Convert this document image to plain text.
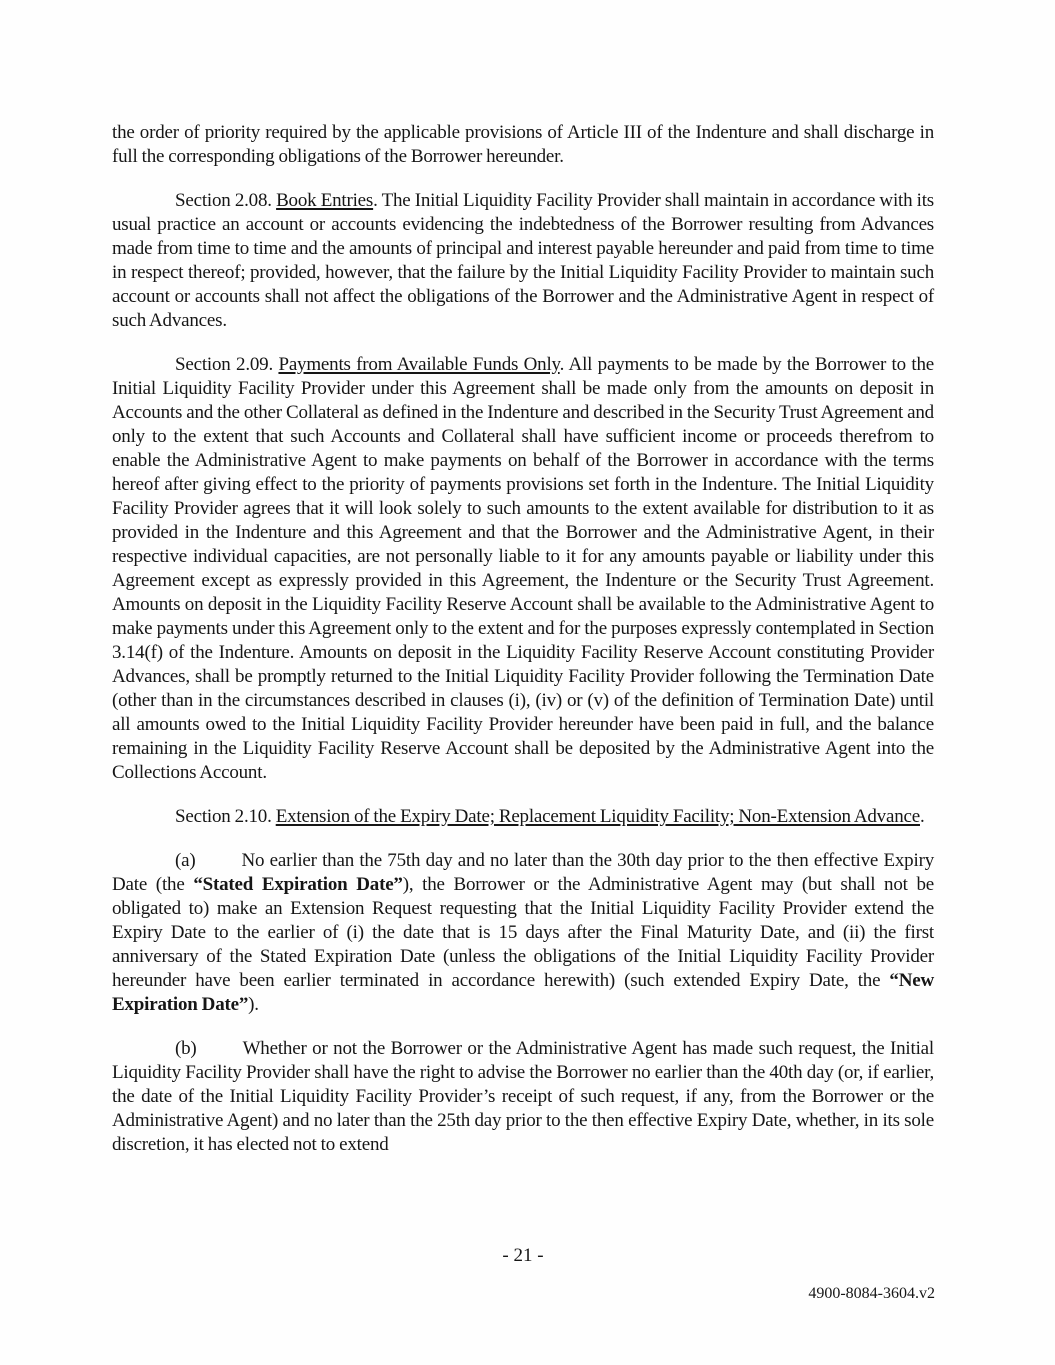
the order of priority required by the applicable provisions of Article III of the Indenture and shall discharge in full the corresponding obligations of the Borrower hereunder.

Section 2.08. Book Entries. The Initial Liquidity Facility Provider shall maintain in accordance with its usual practice an account or accounts evidencing the indebtedness of the Borrower resulting from Advances made from time to time and the amounts of principal and interest payable hereunder and paid from time to time in respect thereof; provided, however, that the failure by the Initial Liquidity Facility Provider to maintain such account or accounts shall not affect the obligations of the Borrower and the Administrative Agent in respect of such Advances.

Section 2.09. Payments from Available Funds Only. All payments to be made by the Borrower to the Initial Liquidity Facility Provider under this Agreement shall be made only from the amounts on deposit in Accounts and the other Collateral as defined in the Indenture and described in the Security Trust Agreement and only to the extent that such Accounts and Collateral shall have sufficient income or proceeds therefrom to enable the Administrative Agent to make payments on behalf of the Borrower in accordance with the terms hereof after giving effect to the priority of payments provisions set forth in the Indenture. The Initial Liquidity Facility Provider agrees that it will look solely to such amounts to the extent available for distribution to it as provided in the Indenture and this Agreement and that the Borrower and the Administrative Agent, in their respective individual capacities, are not personally liable to it for any amounts payable or liability under this Agreement except as expressly provided in this Agreement, the Indenture or the Security Trust Agreement. Amounts on deposit in the Liquidity Facility Reserve Account shall be available to the Administrative Agent to make payments under this Agreement only to the extent and for the purposes expressly contemplated in Section 3.14(f) of the Indenture. Amounts on deposit in the Liquidity Facility Reserve Account constituting Provider Advances, shall be promptly returned to the Initial Liquidity Facility Provider following the Termination Date (other than in the circumstances described in clauses (i), (iv) or (v) of the definition of Termination Date) until all amounts owed to the Initial Liquidity Facility Provider hereunder have been paid in full, and the balance remaining in the Liquidity Facility Reserve Account shall be deposited by the Administrative Agent into the Collections Account.

Section 2.10. Extension of the Expiry Date; Replacement Liquidity Facility; Non-Extension Advance.

(a) No earlier than the 75th day and no later than the 30th day prior to the then effective Expiry Date (the “Stated Expiration Date”), the Borrower or the Administrative Agent may (but shall not be obligated to) make an Extension Request requesting that the Initial Liquidity Facility Provider extend the Expiry Date to the earlier of (i) the date that is 15 days after the Final Maturity Date, and (ii) the first anniversary of the Stated Expiration Date (unless the obligations of the Initial Liquidity Facility Provider hereunder have been earlier terminated in accordance herewith) (such extended Expiry Date, the “New Expiration Date”).

(b) Whether or not the Borrower or the Administrative Agent has made such request, the Initial Liquidity Facility Provider shall have the right to advise the Borrower no earlier than the 40th day (or, if earlier, the date of the Initial Liquidity Facility Provider’s receipt of such request, if any, from the Borrower or the Administrative Agent) and no later than the 25th day prior to the then effective Expiry Date, whether, in its sole discretion, it has elected not to extend

- 21 -
4900-8084-3604.v2
